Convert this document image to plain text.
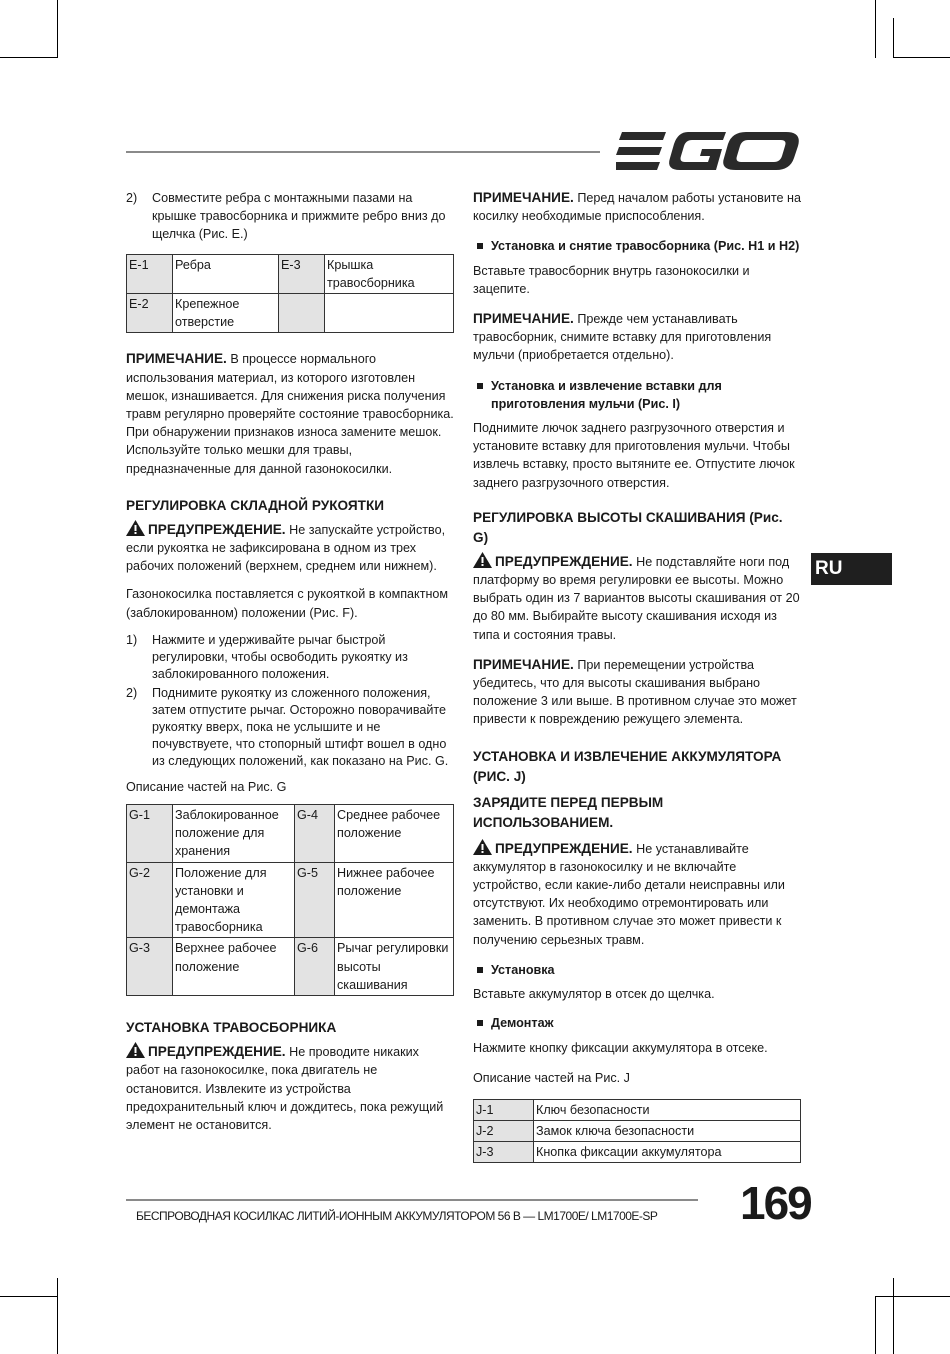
RU
2)	Совместите ребра с монтажными пазами на крышке травосборника и прижмите ребро вниз до щелчка (Рис. E.)
E-1	Ребра	E-3	Крышка травосборника
E-2	Крепежное отверстие		

ПРИМЕЧАНИЕ. В процессе нормального использования материал, из которого изготовлен мешок, изнашивается. Для снижения риска получения травм регулярно проверяйте состояние травосборника. При обнаружении признаков износа замените мешок. Используйте только мешки для травы, предназначенные для данной газонокосилки.

РЕГУЛИРОВКА СКЛАДНОЙ РУКОЯТКИ

ПРЕДУПРЕЖДЕНИЕ. Не запускайте устройство, если рукоятка не зафиксирована в одном из трех рабочих положений (верхнем, среднем или нижнем).

Газонокосилка поставляется с рукояткой в компактном (заблокированном) положении (Рис. F).

1)	Нажмите и удерживайте рычаг быстрой регулировки, чтобы освободить рукоятку из заблокированного положения.
2)	Поднимите рукоятку из сложенного положения, затем отпустите рычаг. Осторожно поворачивайте рукоятку вверх, пока не услышите и не почувствуете, что стопорный штифт вошел в одно из следующих положений, как показано на Рис. G.

Описание частей на Рис. G

G-1	Заблокированное положение для хранения	G-4	Среднее рабочее положение
G-2	Положение для установки и демонтажа травосборника	G-5	Нижнее рабочее положение
G-3	Верхнее рабочее положение	G-6	Рычаг регулировки высоты скашивания
УСТАНОВКА ТРАВОСБОРНИКА

ПРЕДУПРЕЖДЕНИЕ. Не проводите никаких работ на газонокосилке, пока двигатель не остановится. Извлеките из устройства предохранительный ключ и дождитесь, пока режущий элемент не остановится.

ПРИМЕЧАНИЕ. Перед началом работы установите на косилку необходимые приспособления.

Установка и снятие травосборника (Рис. H1 и H2)

Вставьте травосборник внутрь газонокосилки и зацепите.

ПРИМЕЧАНИЕ. Прежде чем устанавливать травосборник, снимите вставку для приготовления мульчи (приобретается отдельно).

Установка и извлечение вставки для приготовления мульчи (Рис. I)

Поднимите лючок заднего разгрузочного отверстия и установите вставку для приготовления мульчи. Чтобы извлечь вставку, просто вытяните ее. Отпустите лючок заднего разгрузочного отверстия.

РЕГУЛИРОВКА ВЫСОТЫ СКАШИВАНИЯ (Рис. G)

ПРЕДУПРЕЖДЕНИЕ. Не подставляйте ноги под платформу во время регулировки ее высоты. Можно выбрать один из 7 вариантов высоты скашивания от 20 до 80 мм. Выбирайте высоту скашивания исходя из типа и состояния травы.

ПРИМЕЧАНИЕ. При перемещении устройства убедитесь, что для высоты скашивания выбрано положение 3 или выше. В противном случае это может привести к повреждению режущего элемента.

УСТАНОВКА И ИЗВЛЕЧЕНИЕ АККУМУЛЯТОРА (РИС. J)
ЗАРЯДИТЕ ПЕРЕД ПЕРВЫМ ИСПОЛЬЗОВАНИЕМ.

ПРЕДУПРЕЖДЕНИЕ. Не устанавливайте аккумулятор в газонокосилку и не включайте устройство, если какие-либо детали неисправны или отсутствуют. Их необходимо отремонтировать или заменить. В противном случае это может привести к получению серьезных травм.

Установка

Вставьте аккумулятор в отсек до щелчка.

Демонтаж

Нажмите кнопку фиксации аккумулятора в отсеке.

Описание частей на Рис. J

J-1	Ключ безопасности
J-2	Замок ключа безопасности
J-3	Кнопка фиксации аккумулятора
БЕСПРОВОДНАЯ КОСИЛКАС ЛИТИЙ-ИОННЫМ АККУМУЛЯТОРОМ 56 В — LM1700E/ LM1700E-SP	169
